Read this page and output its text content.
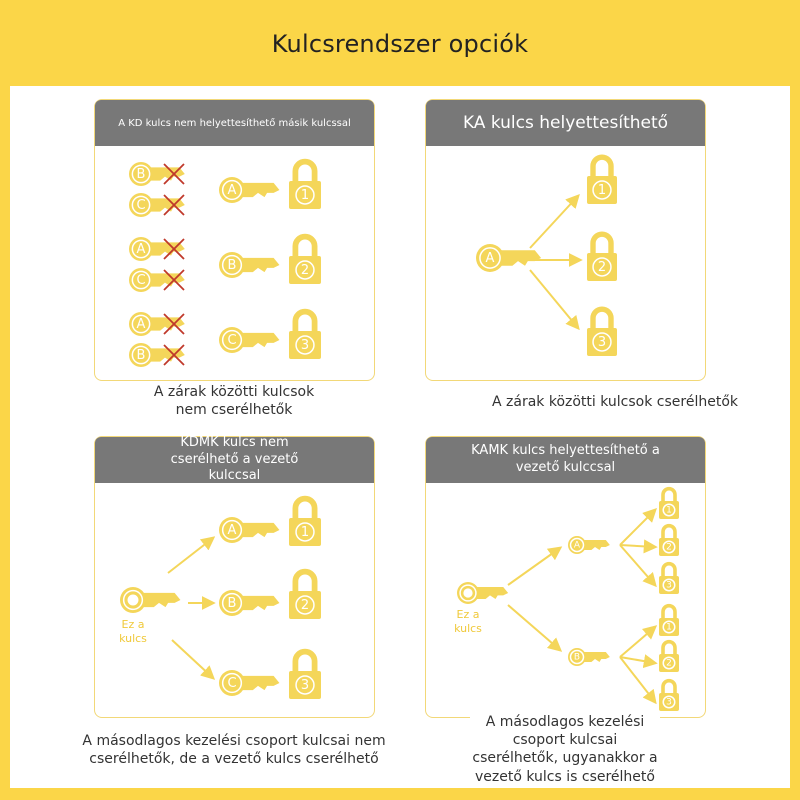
Kulcsrendszer opciók
A KD kulcs nem helyettesíthető másik kulcssal
A zárak közötti kulcsok
nem cserélhetők
KA kulcs helyettesíthető
A zárak közötti kulcsok cserélhetők
KDMK kulcs nem cserélhető a vezető kulccsal
A másodlagos kezelési csoport kulcsai nem cserélhetők, de a vezető kulcs cserélhető
KAMK kulcs helyettesíthető a vezető kulccsal
A másodlagos kezelési csoport kulcsai cserélhetők, ugyanakkor a vezető kulcs is cserélhető
B
C
A	1
A
C
B	2
A
B
C	3
A
1
2
3
Ez a
kulcs
A	1
B	2
C	3
Ez a
kulcs
A
1
2
3
B
1
2
3
